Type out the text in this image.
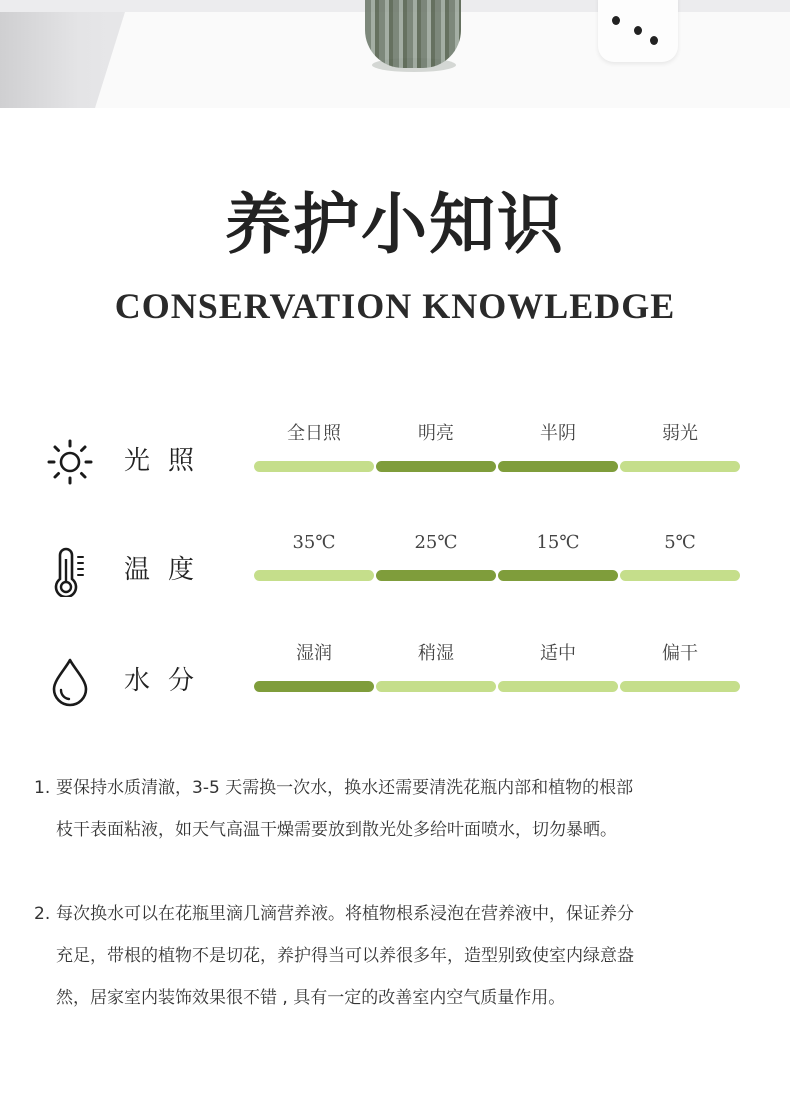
养护小知识
CONSERVATION KNOWLEDGE
光照
全日照	明亮	半阴	弱光
温度
35℃	25℃	15℃	5℃
水分
湿润	稍湿	适中	偏干

1. 要保持水质清澈，3-5 天需换一次水，换水还需要清洗花瓶内部和植物的根部
枝干表面粘液，如天气高温干燥需要放到散光处多给叶面喷水，切勿暴晒。

2. 每次换水可以在花瓶里滴几滴营养液。将植物根系浸泡在营养液中，保证养分
充足，带根的植物不是切花，养护得当可以养很多年，造型别致使室内绿意盎
然，居家室内装饰效果很不错 , 具有一定的改善室内空气质量作用。
